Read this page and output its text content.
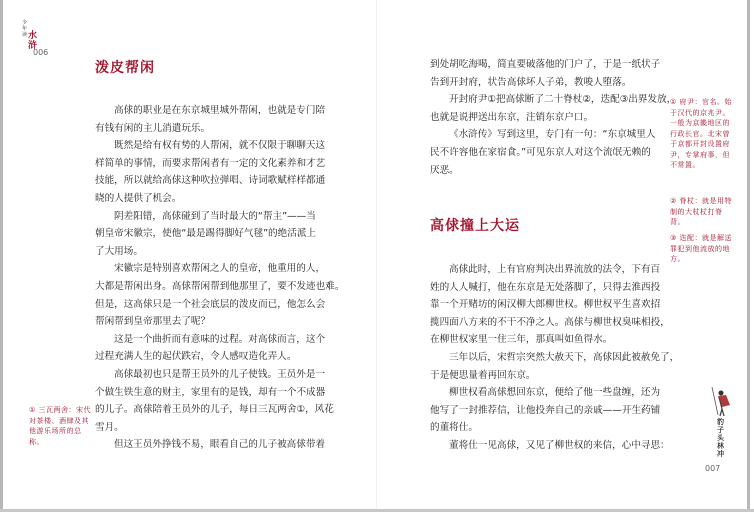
少
年
读 水
浒
006
泼皮帮闲
高俅的职业是在东京城里城外帮闲，也就是专门陪
有钱有闲的主儿消遣玩乐。
既然是给有权有势的人帮闲，就不仅限于聊聊天这
样简单的事情，而要求帮闲者有一定的文化素养和才艺
技能，所以就给高俅这种吹拉弹唱、诗词歌赋样样都通
晓的人提供了机会。
阴差阳错，高俅碰到了当时最大的“帮主”——当
朝皇帝宋徽宗，使他“最是踢得脚好气毬”的绝活派上
了大用场。
宋徽宗是特别喜欢帮闲之人的皇帝，他重用的人，
大都是帮闲出身。高俅帮闲帮到他那里了，要不发迹也难。
但是，这高俅只是一个社会底层的泼皮而已，他怎么会
帮闲帮到皇帝那里去了呢？
这是一个曲折而有意味的过程。对高俅而言，这个
过程充满人生的起伏跌宕，令人感叹造化弄人。
高俅最初也只是帮王员外的儿子使钱。王员外是一
个做生铁生意的财主，家里有的是钱，却有一个不成器
的儿子。高俅陪着王员外的儿子，每日三瓦两舍①，风花
雪月。
但这王员外挣钱不易，眼看自己的儿子被高俅带着
① 三瓦两舍：宋代对茶楼、酒肆及其他游乐场所的总称。
到处胡吃海喝，简直要破落他的门户了，于是一纸状子
告到开封府，状告高俅坏人子弟，教唆人堕落。
开封府尹①把高俅断了二十脊杖②，迭配③出界发放，
也就是说押送出东京，注销东京户口。
《水浒传》写到这里，专门有一句：“东京城里人
民不许容他在家宿食。”可见东京人对这个流氓无赖的
厌恶。
高俅撞上大运
高俅此时，上有官府判决出界流放的法令，下有百
姓的人人喊打，他在东京是无处落脚了，只得去淮西投
靠一个开赌坊的闲汉柳大郎柳世权。柳世权平生喜欢招
揽四面八方来的不干不净之人。高俅与柳世权臭味相投，
在柳世权家里一住三年，那真叫如鱼得水。
三年以后，宋哲宗突然大赦天下，高俅因此被赦免了，
于是便思量着再回东京。
柳世权看高俅想回东京，便给了他一些盘缠，还为
他写了一封推荐信，让他投奔自己的亲戚——开生药铺
的董将仕。
董将仕一见高俅，又见了柳世权的来信，心中寻思：
① 府尹：官名。始于汉代的京兆尹。一般为京畿地区的行政长官。北宋曾于京都开封设置府尹，专掌府事，但不常置。
② 脊杖：就是用特制的大杖杖打脊背。
③ 迭配：就是解送罪犯到他流放的地方。
豹子头林冲
007
